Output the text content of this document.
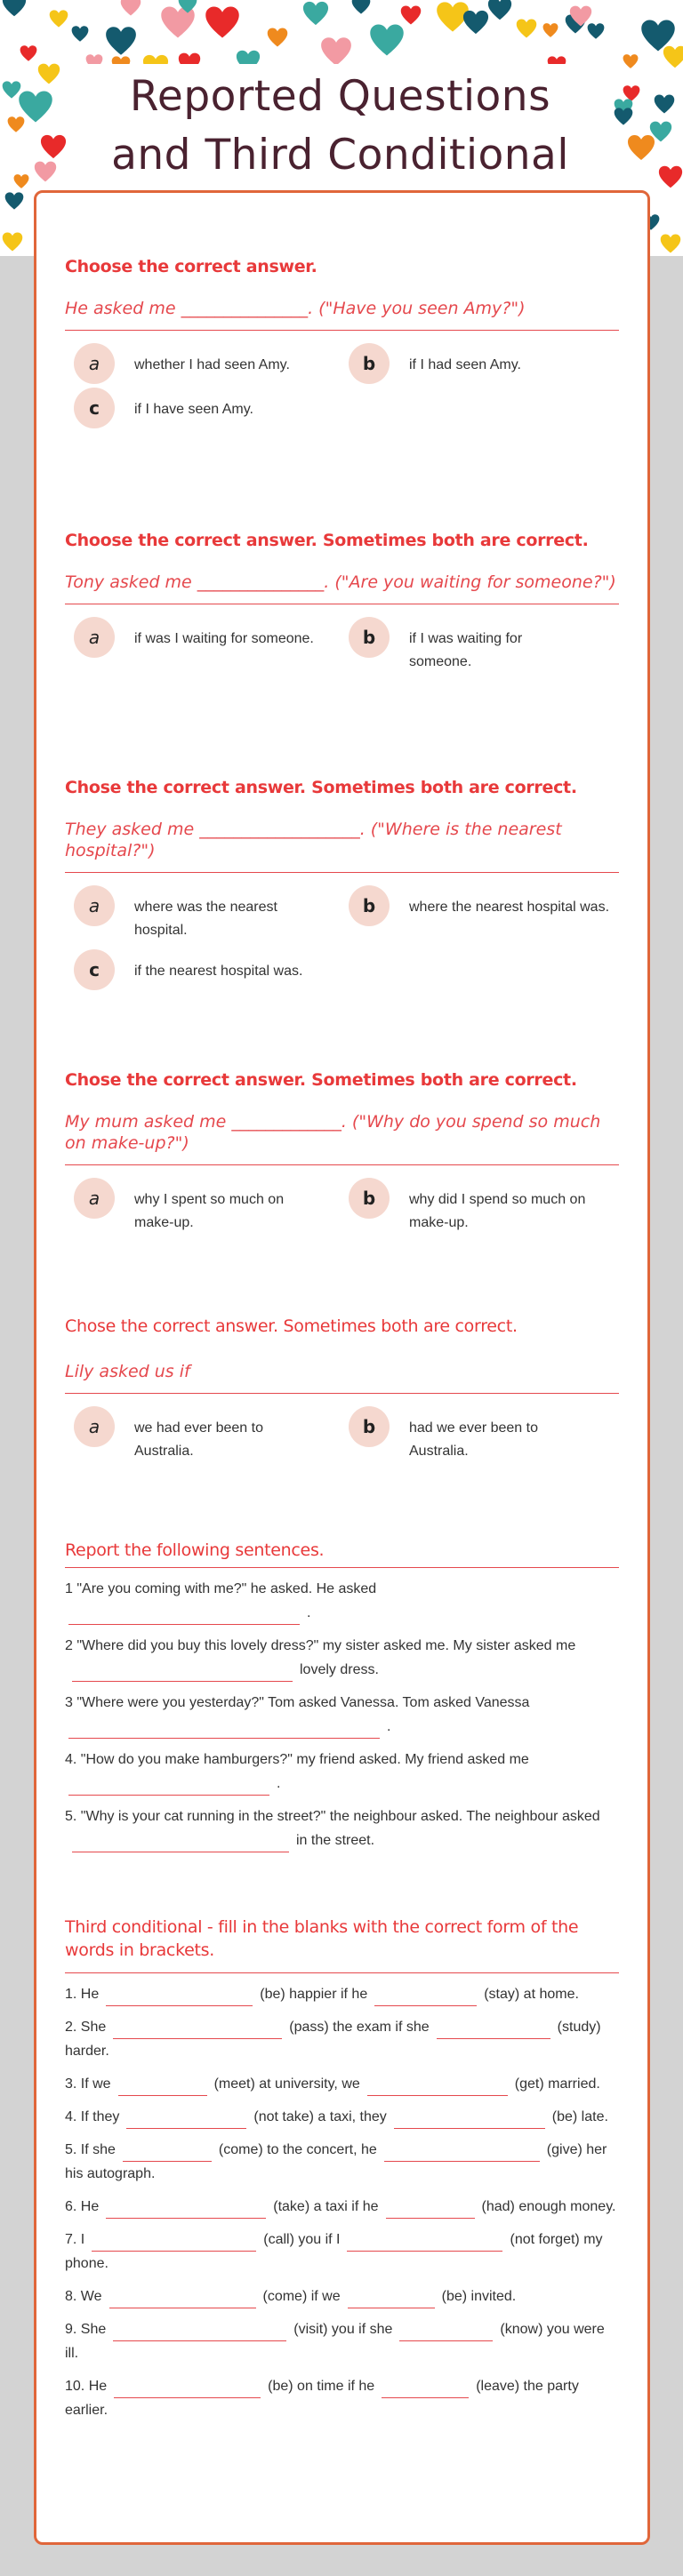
Reported Questions
and Third Conditional
Choose the correct answer.
He asked me _______________. ("Have you seen Amy?")
a	whether I had seen Amy.	b	if I had seen Amy.
c	if I have seen Amy.
Choose the correct answer. Sometimes both are correct.
Tony asked me _______________. ("Are you waiting for someone?")
a	if was I waiting for someone.	b	if I was waiting for someone.
Chose the correct answer. Sometimes both are correct.
They asked me ___________________. ("Where is the nearest hospital?")
a	where was the nearest hospital.
b	where the nearest hospital was.
c	if the nearest hospital was.
Chose the correct answer. Sometimes both are correct.
My mum asked me _____________. ("Why do you spend so much on make-up?")
a	why I spent so much on make-up.
b	why did I spend so much on make-up.
Chose the correct answer. Sometimes both are correct.
Lily asked us if
a	we had ever been to Australia.
b	had we ever been to Australia.
Report the following sentences.
1 "Are you coming with me?" he asked. He asked
.
2 "Where did you buy this lovely dress?" my sister asked me. My sister asked melovely dress.
3 "Where were you yesterday?" Tom asked Vanessa. Tom asked Vanessa
.
4. "How do you make hamburgers?" my friend asked. My friend asked me
.
5. "Why is your cat running in the street?" the neighbour asked. The neighbour askedin the street.
Third conditional - fill in the blanks with the correct form of the words in brackets.
1. He	(be) happier if he	(stay) at home.
2. She	(pass) the exam if she	(study) harder.
3. If we	(meet) at university, we	(get) married.
4. If they	(not take) a taxi, they	(be) late.
5. If she	(come) to the concert, he	(give) her his autograph.
6. He	(take) a taxi if he	(had) enough money.
7. I	(call) you if I	(not forget) my phone.
8. We	(come) if we	(be) invited.
9. She	(visit) you if she	(know) you were ill.
10. He	(be) on time if he	(leave) the party earlier.
